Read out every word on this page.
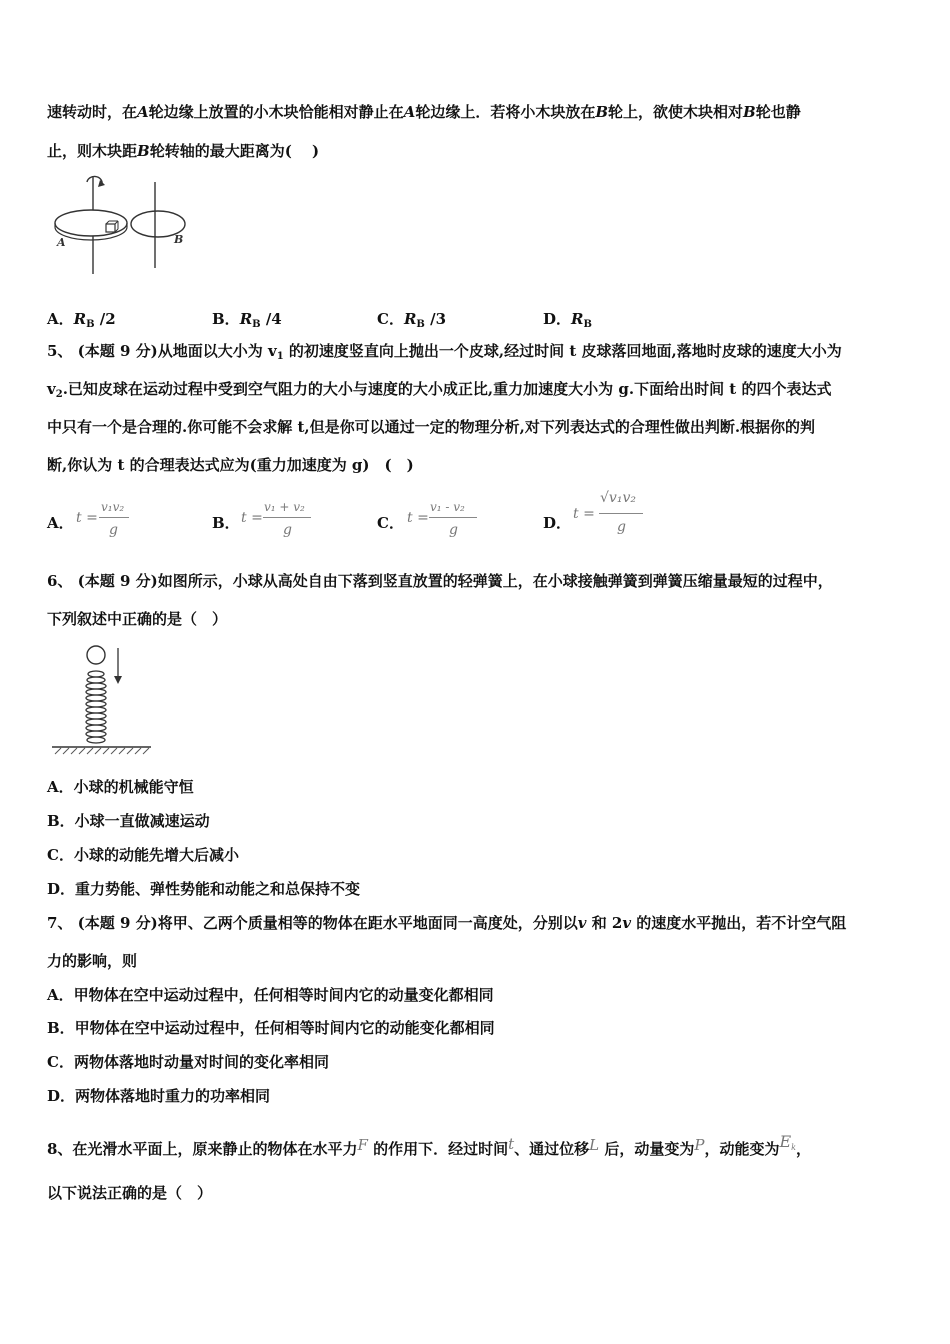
速转动时，在A轮边缘上放置的小木块恰能相对静止在A轮边缘上．若将小木块放在B轮上，欲使木块相对B轮也静
止，则木块距B轮转轴的最大距离为(　 )
A	B
A．$R_B$ /2	B．$R_B$ /4	C．$R_B$ /3	D．$R_B$
5、 (本题 9 分)从地面以大小为 $v_1$ 的初速度竖直向上抛出一个皮球,经过时间 t 皮球落回地面,落地时皮球的速度大小为
$v_2$.已知皮球在运动过程中受到空气阻力的大小与速度的大小成正比,重力加速度大小为 g.下面给出时间 t 的四个表达式
中只有一个是合理的.你可能不会求解 t,但是你可以通过一定的物理分析,对下列表达式的合理性做出判断.根据你的判
断,你认为 t 的合理表达式应为(重力加速度为 g)　(　)
A． t =
v₁v₂
g	B． t =
v₁ + v₂
g	C． t =
v₁ - v₂
g	D． t =
√v₁v₂
g
6、 (本题 9 分)如图所示，小球从高处自由下落到竖直放置的轻弹簧上，在小球接触弹簧到弹簧压缩量最短的过程中，
下列叙述中正确的是（　）
A．小球的机械能守恒
B．小球一直做减速运动
C．小球的动能先增大后减小
D．重力势能、弹性势能和动能之和总保持不变
7、 (本题 9 分)将甲、乙两个质量相等的物体在距水平地面同一高度处，分别以v 和 2v 的速度水平抛出，若不计空气阻
力的影响，则
A．甲物体在空中运动过程中，任何相等时间内它的动量变化都相同
B．甲物体在空中运动过程中，任何相等时间内它的动能变化都相同
C．两物体落地时动量对时间的变化率相同
D．两物体落地时重力的功率相同
8、在光滑水平面上，原来静止的物体在水平力F 的作用下．经过时间t、通过位移L 后，动量变为P，动能变为$E^k$，
以下说法正确的是（　）
